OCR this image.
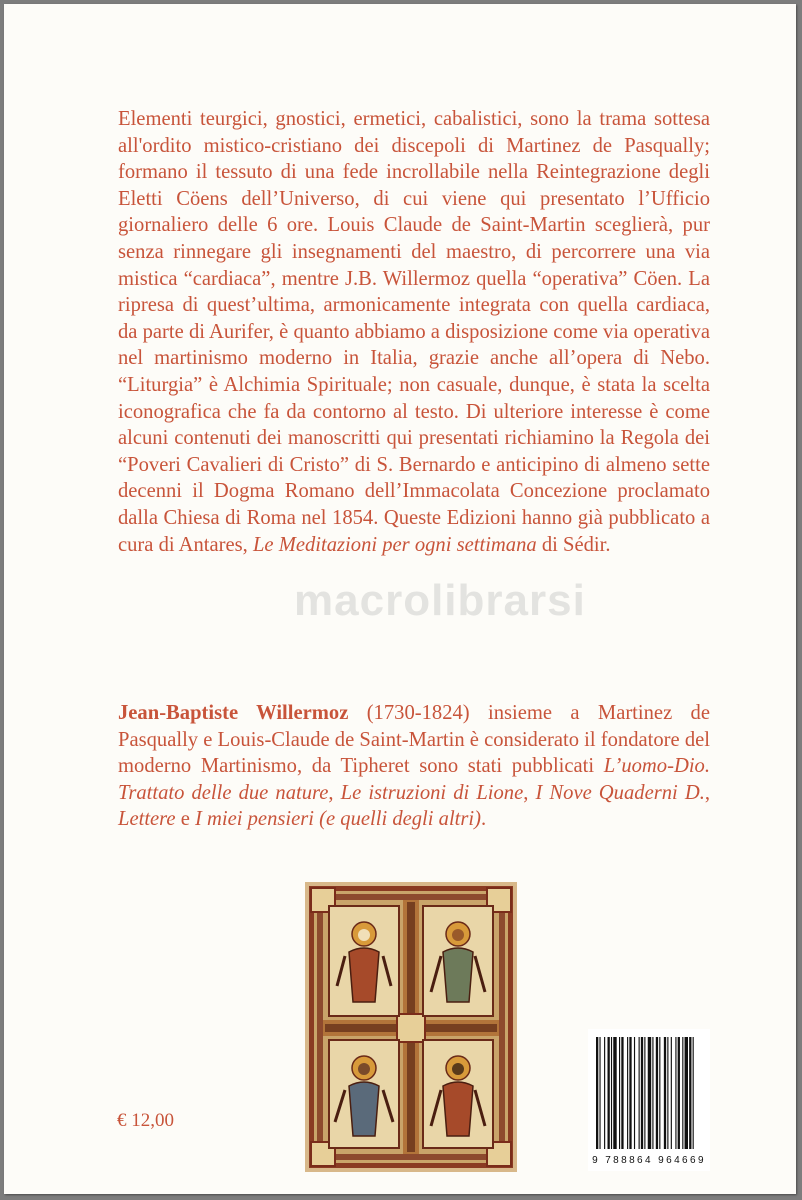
Elementi teurgici, gnostici, ermetici, cabalistici, sono la trama sottesa all'ordito mistico-cristiano dei discepoli di Martinez de Pasqually; formano il tessuto di una fede incrollabile nella Reintegrazione degli Eletti Cöens dell’Universo, di cui viene qui presentato l’Ufficio giornaliero delle 6 ore. Louis Claude de Saint-Martin sceglierà, pur senza rinnegare gli insegnamenti del maestro, di percorrere una via mistica “cardiaca”, mentre J.B. Willermoz quella “operativa” Cöen. La ripresa di quest’ultima, armonicamente integrata con quella cardiaca, da parte di Aurifer, è quanto abbiamo a disposizione come via operativa nel martinismo moderno in Italia, grazie anche all’opera di Nebo. “Liturgia” è Alchimia Spirituale; non casuale, dunque, è stata la scelta iconografica che fa da contorno al testo. Di ulteriore interesse è come alcuni contenuti dei manoscritti qui presentati richiamino la Regola dei “Poveri Cavalieri di Cristo” di S. Bernardo e anticipino di almeno sette decenni il Dogma Romano dell’Immacolata Concezione proclamato dalla Chiesa di Roma nel 1854. Queste Edizioni hanno già pubblicato a cura di Antares, Le Meditazioni per ogni settimana di Sédir.

macrolibrarsi

Jean-Baptiste Willermoz (1730-1824) insieme a Martinez de Pasqually e Louis-Claude de Saint-Martin è considerato il fondatore del moderno Martinismo, da Tipheret sono stati pubblicati L’uomo-Dio. Trattato delle due nature, Le istruzioni di Lione, I Nove Quaderni D., Lettere e I miei pensieri (e quelli degli altri).

€ 12,00
9 788864 964669
